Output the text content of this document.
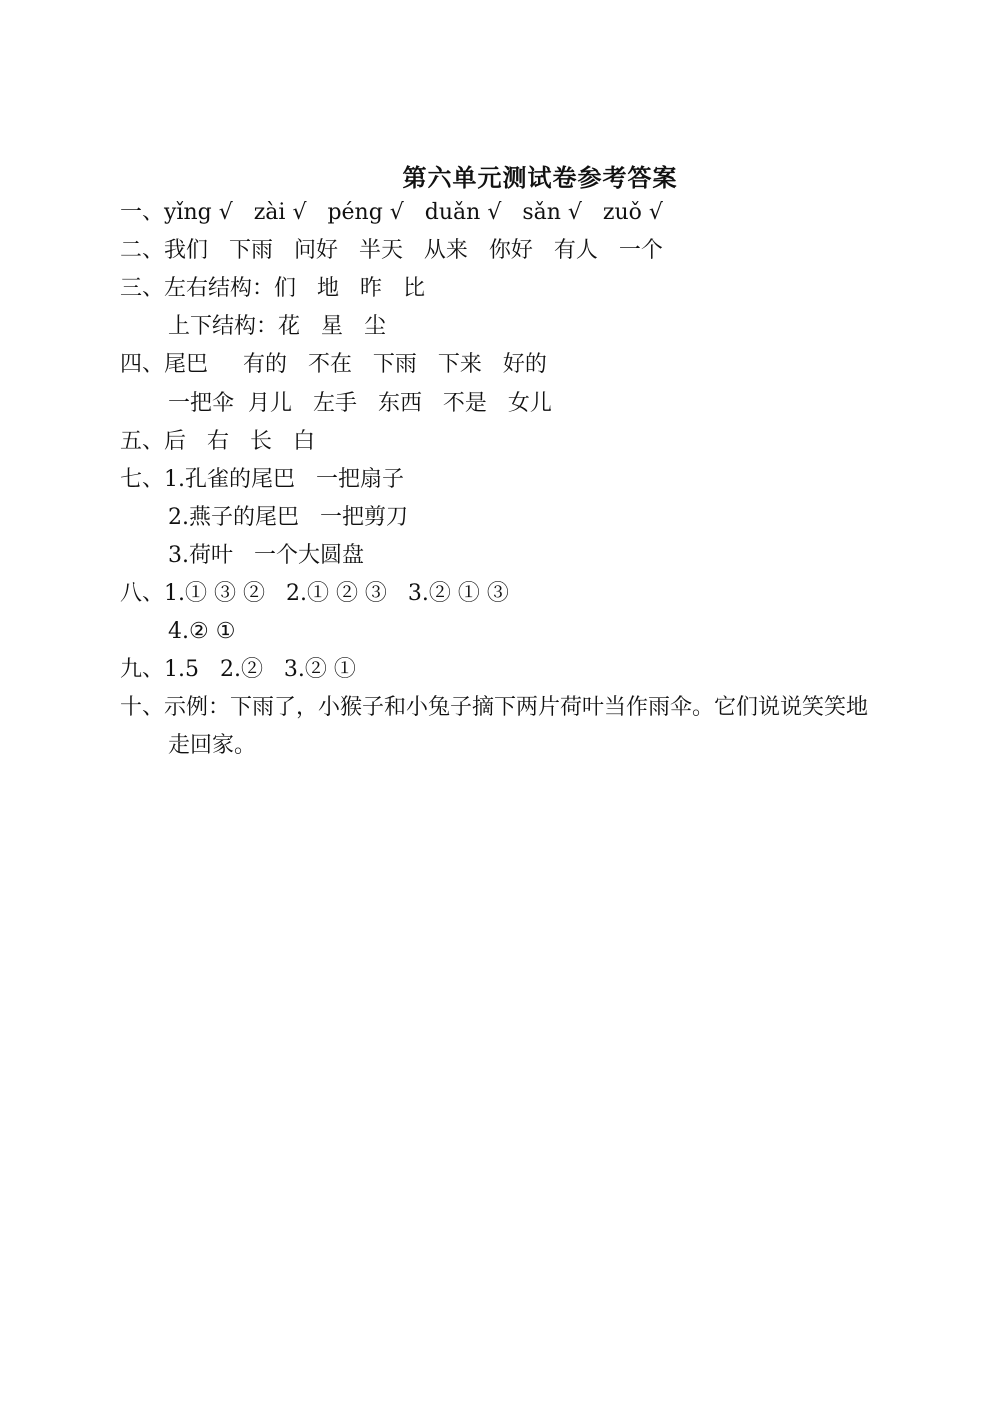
第六单元测试卷参考答案
一、yǐng √   zài √   péng √   duǎn √   sǎn √   zuǒ √
二、我们   下雨   问好   半天   从来   你好   有人   一个
三、左右结构：们   地   昨   比
上下结构：花   星   尘
四、尾巴     有的   不在   下雨   下来   好的
一把伞  月儿   左手   东西   不是   女儿
五、后   右   长   白
七、1.孔雀的尾巴   一把扇子
2.燕子的尾巴   一把剪刀
3.荷叶   一个大圆盘
八、1.① ③ ②   2.① ② ③   3.② ① ③
4.② ①
九、1.5   2.②   3.② ①
十、示例：下雨了，小猴子和小兔子摘下两片荷叶当作雨伞。它们说说笑笑地
走回家。
